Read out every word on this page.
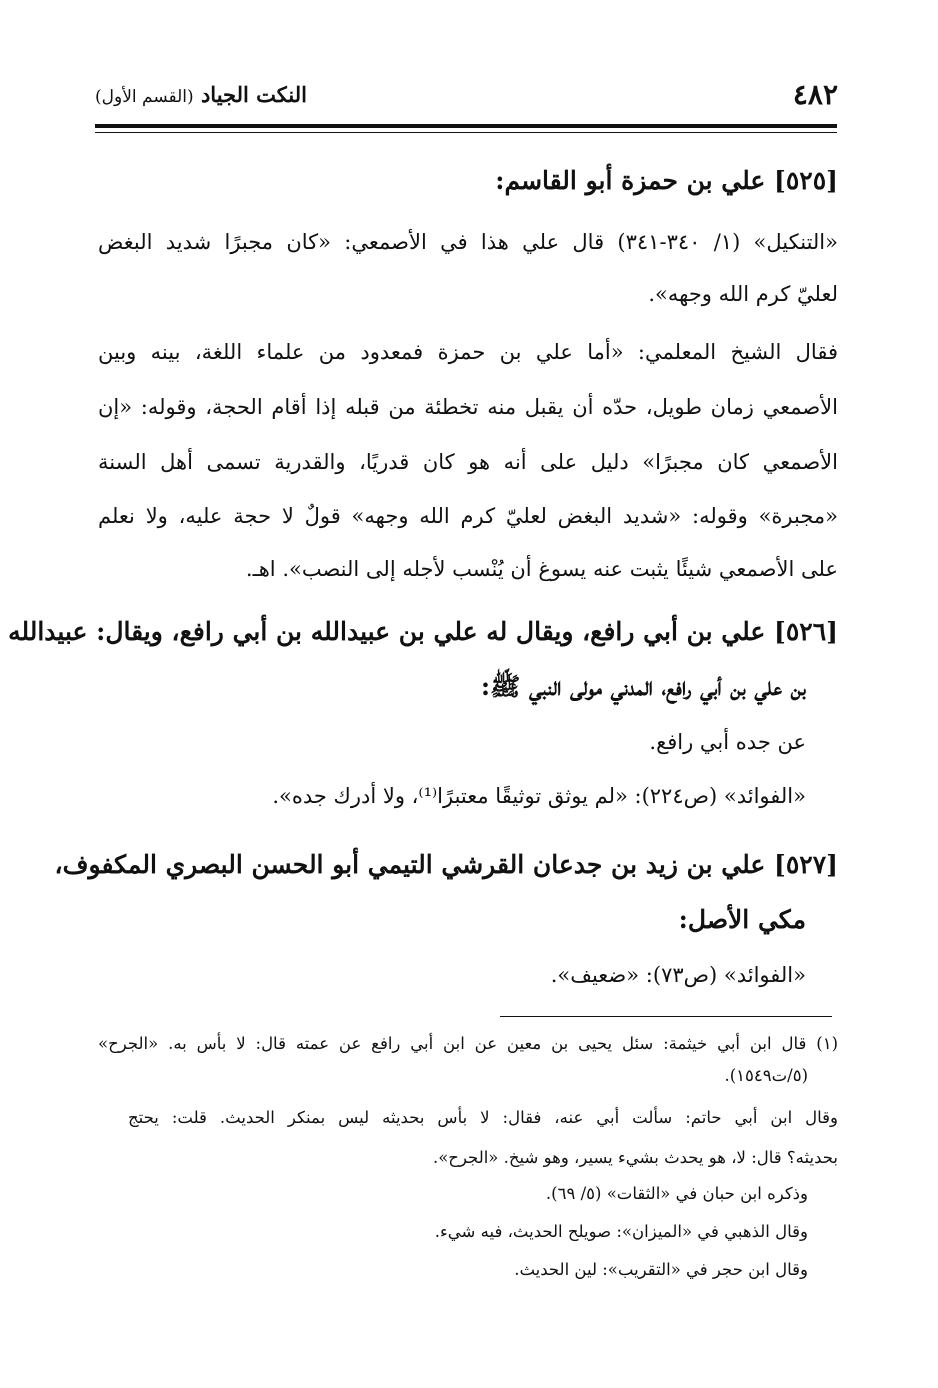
٤٨٢
النكت الجياد (القسم الأول)
[٥٢٥] علي بن حمزة أبو القاسم:
«التنكيل» (١/ ٣٤٠-٣٤١) قال علي هذا في الأصمعي: «كان مجبرًا شديد البغض
لعليّ كرم الله وجهه».
فقال الشيخ المعلمي: «أما علي بن حمزة فمعدود من علماء اللغة، بينه وبين
الأصمعي زمان طويل، حدّه أن يقبل منه تخطئة من قبله إذا أقام الحجة، وقوله: «إن
الأصمعي كان مجبرًا» دليل على أنه هو كان قدريًا، والقدرية تسمى أهل السنة
«مجبرة» وقوله: «شديد البغض لعليّ كرم الله وجهه» قولٌ لا حجة عليه، ولا نعلم
على الأصمعي شيئًا يثبت عنه يسوغ أن يُنْسب لأجله إلى النصب». اهـ.
[٥٢٦] علي بن أبي رافع، ويقال له علي بن عبيدالله بن أبي رافع، ويقال: عبيدالله
بن علي بن أبي رافع، المدني مولى النبي ﷺ:
عن جده أبي رافع.
«الفوائد» (ص٢٢٤): «لم يوثق توثيقًا معتبرًا⁽¹⁾، ولا أدرك جده».
[٥٢٧] علي بن زيد بن جدعان القرشي التيمي أبو الحسن البصري المكفوف،
مكي الأصل:
«الفوائد» (ص٧٣): «ضعيف».
(١) قال ابن أبي خيثمة: سئل يحيى بن معين عن ابن أبي رافع عن عمته قال: لا بأس به. «الجرح»
(٥/ت١٥٤٩).
وقال ابن أبي حاتم: سألت أبي عنه، فقال: لا بأس بحديثه ليس بمنكر الحديث. قلت: يحتج
بحديثه؟ قال: لا، هو يحدث بشيء يسير، وهو شيخ. «الجرح».
وذكره ابن حبان في «الثقات» (٥/ ٦٩).
وقال الذهبي في «الميزان»: صويلح الحديث، فيه شيء.
وقال ابن حجر في «التقريب»: لين الحديث.
